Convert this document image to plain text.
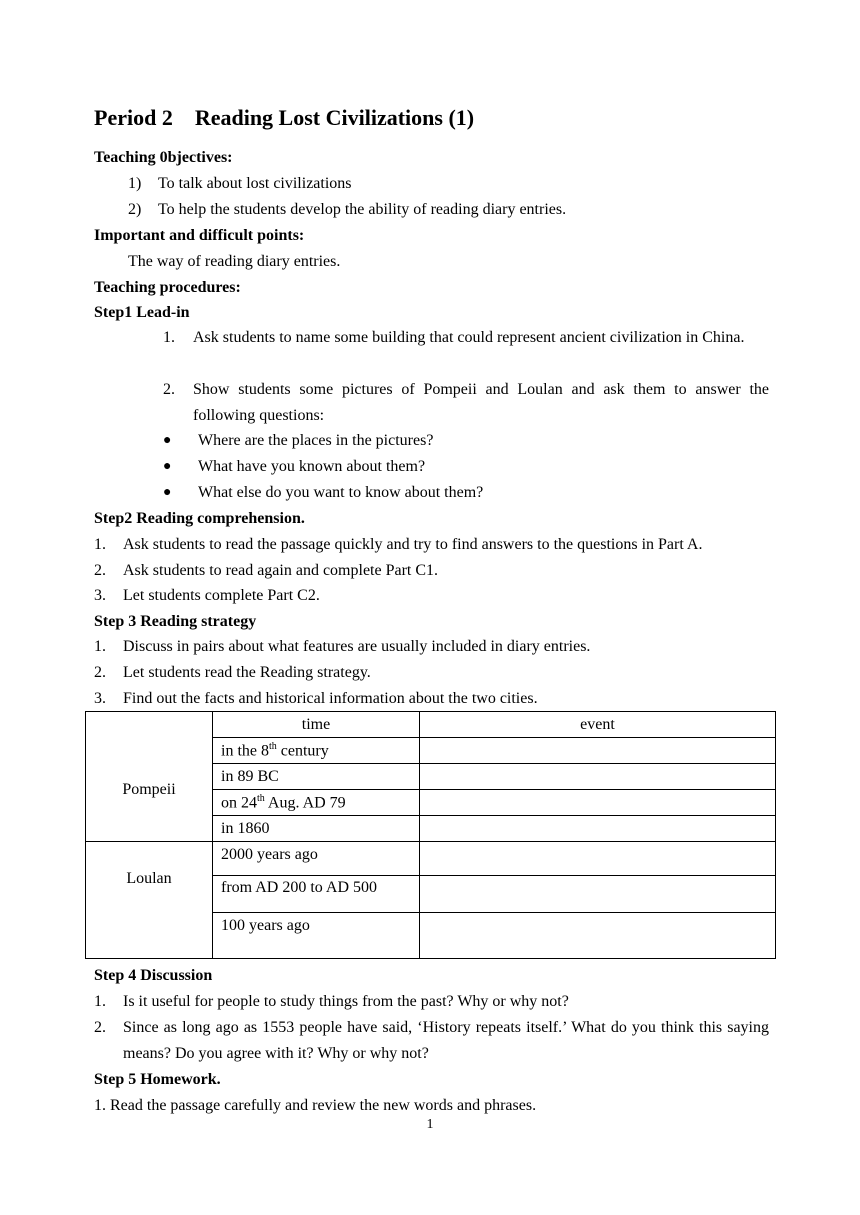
Period 2    Reading Lost Civilizations (1)
Teaching 0bjectives:
1) To talk about lost civilizations
2) To help the students develop the ability of reading diary entries.
Important and difficult points:
The way of reading diary entries.
Teaching procedures:
Step1 Lead-in
1. Ask students to name some building that could represent ancient civilization in China.
2. Show students some pictures of Pompeii and Loulan and ask them to answer the following questions:
● Where are the places in the pictures?
● What have you known about them?
● What else do you want to know about them?
Step2 Reading comprehension.
1. Ask students to read the passage quickly and try to find answers to the questions in Part A.
2. Ask students to read again and complete Part C1.
3. Let students complete Part C2.
Step 3 Reading strategy
1. Discuss in pairs about what features are usually included in diary entries.
2. Let students read the Reading strategy.
3. Find out the facts and historical information about the two cities.
Pompeii	time	event
	in the 8th century	
	in 89 BC	
	on 24th Aug. AD 79	
	in 1860	

Loulan	2000 years ago	
	from AD 200 to AD 500	
	100 years ago	
Step 4 Discussion
1. Is it useful for people to study things from the past? Why or why not?
2. Since as long ago as 1553 people have said, ‘History repeats itself.’ What do you think this saying means? Do you agree with it? Why or why not?
Step 5 Homework.
1. Read the passage carefully and review the new words and phrases.
1
